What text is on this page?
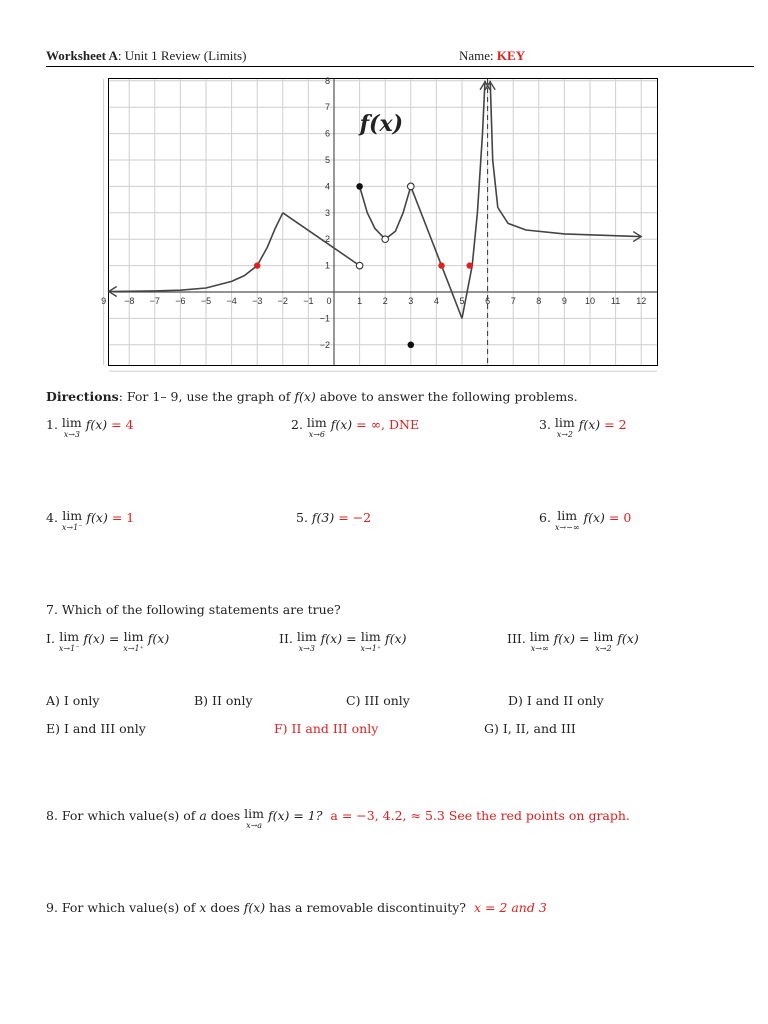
Worksheet A: Unit 1 Review (Limits)	Name: KEY
9 −8 −7 −6 −5 −4 −3 −2 −1 0	1 2 3 4 5 6 7 8 9 10 11 12
−2
−1
1
2
3
4
5
6
7
8
f(x)
Directions: For 1– 9, use the graph of f(x) above to answer the following problems.
1. lim
x→3
f(x) = 4	2. lim
x→6
f(x) = ∞, DNE	3. lim
x→2
f(x) = 2
4. lim
x→1⁻
f(x) = 1	5. f(3) = −2	6. lim
x→−∞
f(x) = 0
7. Which of the following statements are true?
I. lim
x→1⁻
f(x) = lim
x→1⁺
f(x)	II. lim
x→3
f(x) = lim
x→1⁺
f(x)	III. lim
x→∞
f(x) = lim
x→2
f(x)
A) I only	B) II only	C) III only	D) I and II only
E) I and III only	F) II and III only	G) I, II, and III
8. For which value(s) of a does lim
x→a
f(x) = 1? a = −3, 4.2, ≈ 5.3 See the red points on graph.
9. For which value(s) of x does f(x) has a removable discontinuity? x = 2 and 3
